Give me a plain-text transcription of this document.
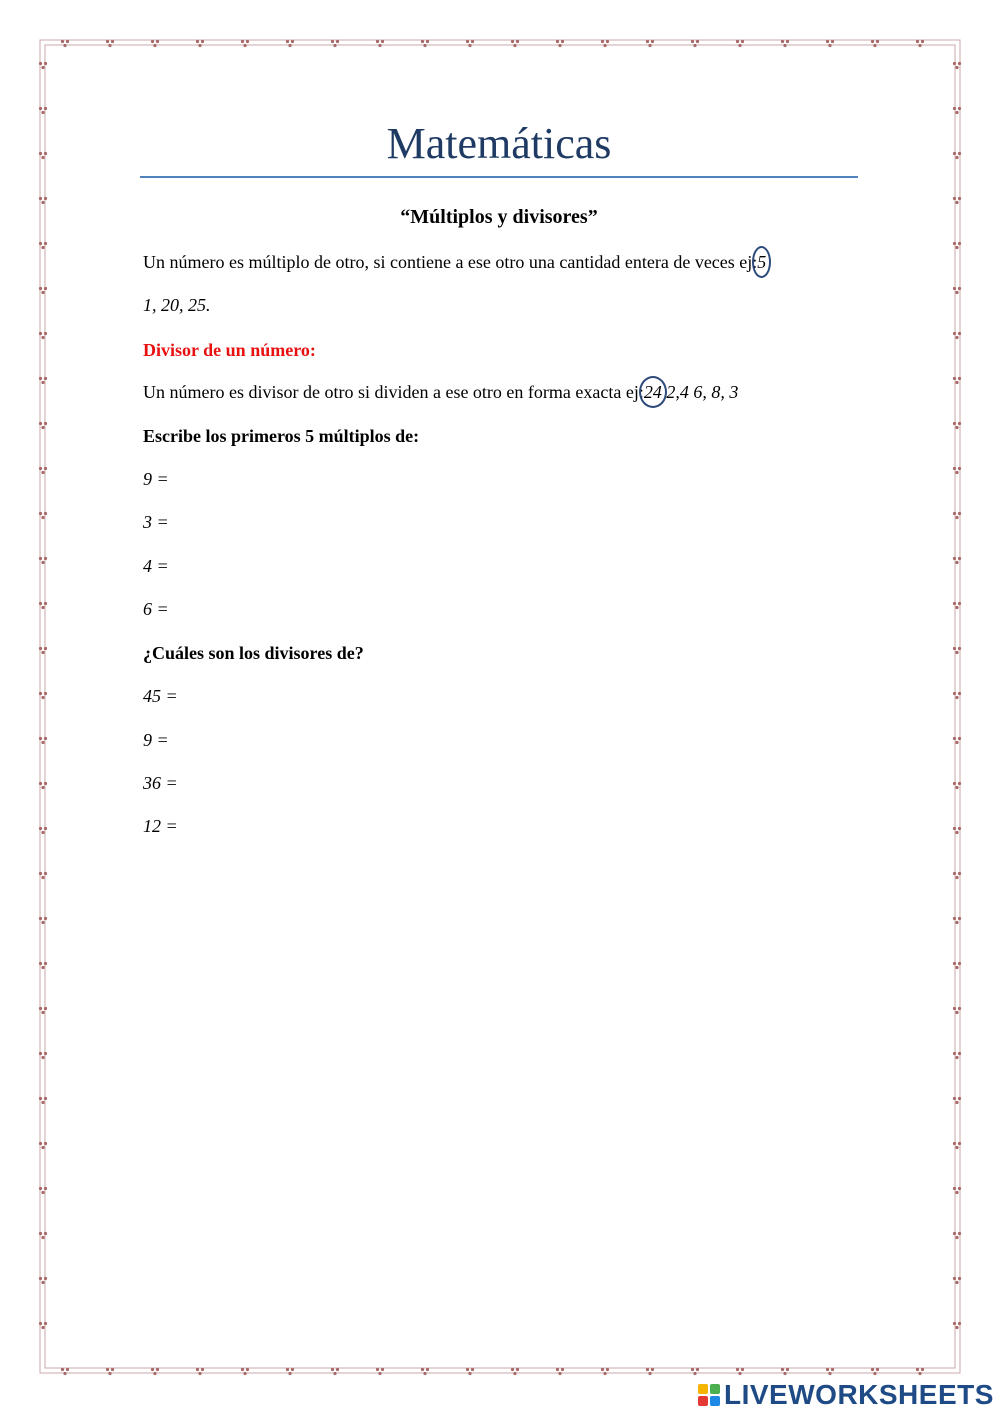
Matemáticas
“Múltiplos y divisores”
Un número es múltiplo de otro, si contiene a ese otro una cantidad entera de veces ej:5
1, 20, 25.
Divisor de un número:
Un número es divisor de otro si dividen a ese otro en forma exacta ej:24 2,4 6, 8, 3
Escribe los primeros 5 múltiplos de:
9 =
3 =
4 =
6 =
¿Cuáles son los divisores de?
45 =
9 =
36 =
12 =
LIVEWORKSHEETS
